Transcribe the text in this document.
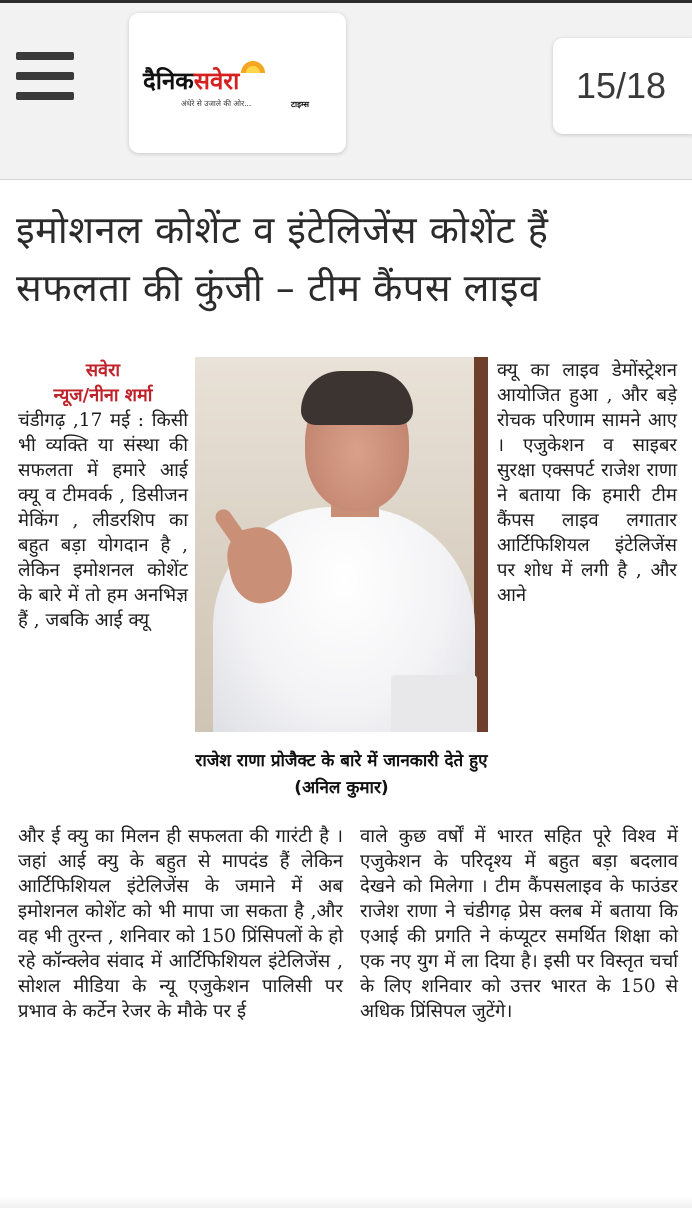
दैनिकसवेरा
अंधेरे से उजाले की ओर...	टाइम्स	15/18
इमोशनल कोशेंट व इंटेलिजेंस कोशेंट हैं
सफलता की कुंजी – टीम कैंपस लाइव
सवेरा
न्यूज/नीना शर्मा

चंडीगढ़ ,17 मई : किसी भी व्यक्ति या संस्था की सफलता में हमारे आई क्यू व टीमवर्क , डिसीजन मेकिंग , लीडरशिप का बहुत बड़ा योगदान है , लेकिन इमोशनल कोशेंट के बारे में तो हम अनभिज्ञ हैं , जबकि आई क्यू

राजेश राणा प्रोजैक्ट के बारे में जानकारी देते हुए (अनिल कुमार)

क्यू का लाइव डेमोंस्ट्रेशन आयोजित हुआ , और बड़े रोचक परिणाम सामने आए । एजुकेशन व साइबर सुरक्षा एक्सपर्ट राजेश राणा ने बताया कि हमारी टीम कैंपस लाइव लगातार आर्टिफिशियल इंटेलिजेंस पर शोध में लगी है , और आने

और ई क्यु का मिलन ही सफलता की गारंटी है । जहां आई क्यु के बहुत से मापदंड हैं लेकिन आर्टिफिशियल इंटेलिजेंस के जमाने में अब इमोशनल कोशेंट को भी मापा जा सकता है ,और वह भी तुरन्त , शनिवार को 150 प्रिंसिपलों के हो रहे कॉन्क्लेव संवाद में आर्टिफिशियल इंटेलिजेंस , सोशल मीडिया के न्यू एजुकेशन पालिसी पर प्रभाव के कर्टेन रेजर के मौके पर ई

वाले कुछ वर्षों में भारत सहित पूरे विश्व में एजुकेशन के परिदृश्य में बहुत बड़ा बदलाव देखने को मिलेगा । टीम कैंपसलाइव के फाउंडर राजेश राणा ने चंडीगढ़ प्रेस क्लब में बताया कि एआई की प्रगति ने कंप्यूटर समर्थित शिक्षा को एक नए युग में ला दिया है। इसी पर विस्तृत चर्चा के लिए शनिवार को उत्तर भारत के 150 से अधिक प्रिंसिपल जुटेंगे।
